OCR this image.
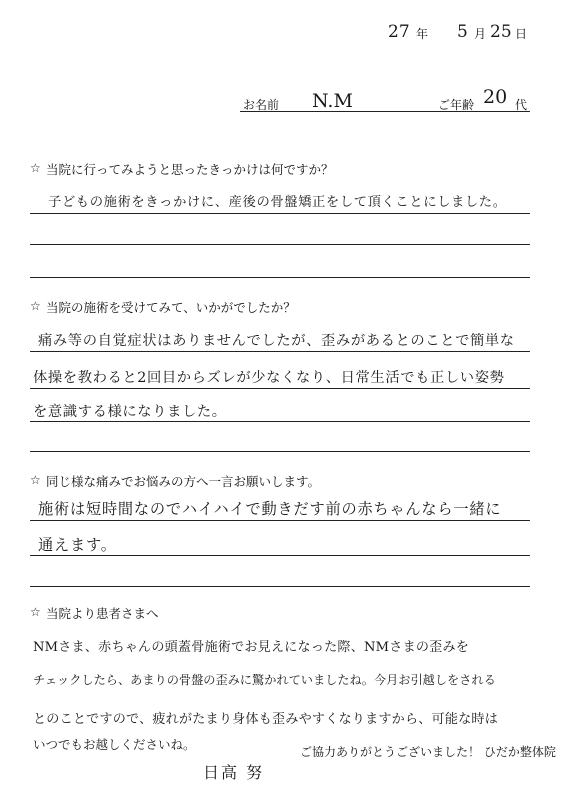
27 年 5 月 25 日
お名前 N.M	ご年齢 20 代
☆ 当院に行ってみようと思ったきっかけは何ですか？
子どもの施術をきっかけに、産後の骨盤矯正をして頂くことにしました。
☆ 当院の施術を受けてみて、いかがでしたか？
痛み等の自覚症状はありませんでしたが、歪みがあるとのことで簡単な
体操を教わると2回目からズレが少なくなり、日常生活でも正しい姿勢
を意識する様になりました。
☆ 同じ様な痛みでお悩みの方へ一言お願いします。
施術は短時間なのでハイハイで動きだす前の赤ちゃんなら一緒に
通えます。
☆ 当院より患者さまへ
NMさま、赤ちゃんの頭蓋骨施術でお見えになった際、NMさまの歪みを
チェックしたら、あまりの骨盤の歪みに驚かれていましたね。今月お引越しをされる
とのことですので、疲れがたまり身体も歪みやすくなりますから、可能な時は
いつでもお越しくださいね。
日高 努
ご協力ありがとうございました！ ひだか整体院
